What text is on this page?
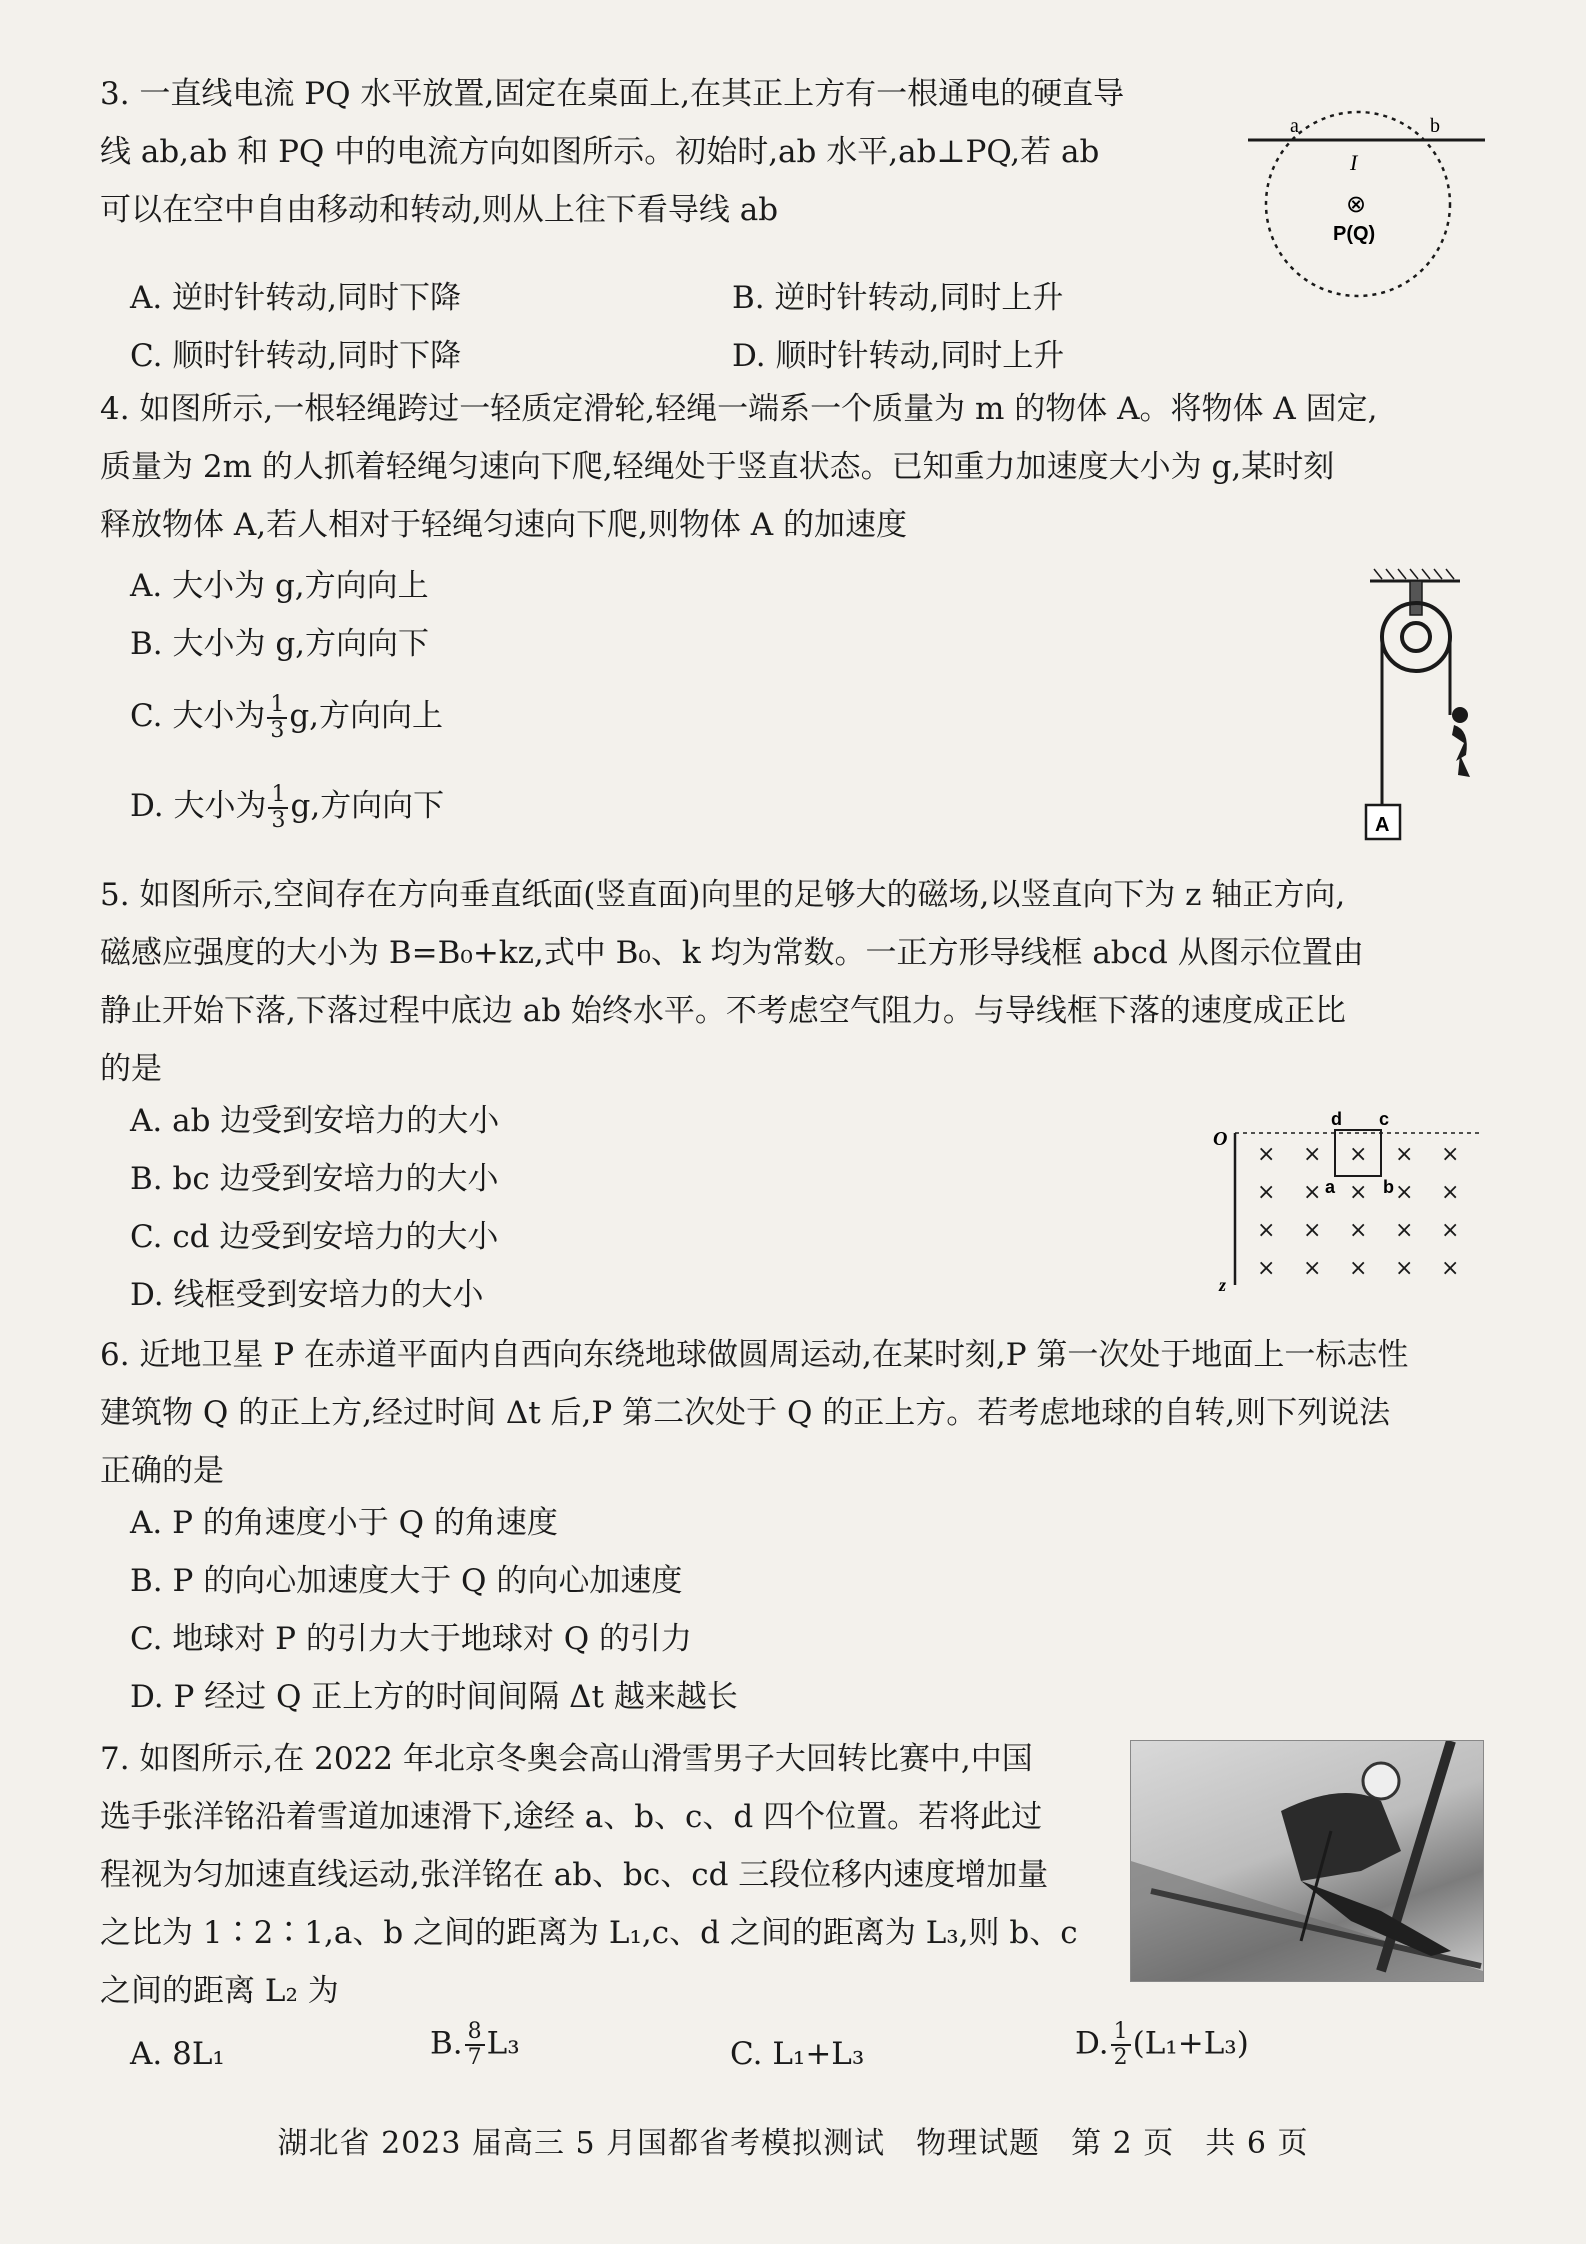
3. 一直线电流 PQ 水平放置,固定在桌面上,在其正上方有一根通电的硬直导
线 ab,ab 和 PQ 中的电流方向如图所示。初始时,ab 水平,ab⊥PQ,若 ab
可以在空中自由移动和转动,则从上往下看导线 ab
A. 逆时针转动,同时下降	B. 逆时针转动,同时上升
C. 顺时针转动,同时下降	D. 顺时针转动,同时上升
a	b
I
⊗
P(Q)
4. 如图所示,一根轻绳跨过一轻质定滑轮,轻绳一端系一个质量为 m 的物体 A。将物体 A 固定,
质量为 2m 的人抓着轻绳匀速向下爬,轻绳处于竖直状态。已知重力加速度大小为 g,某时刻
释放物体 A,若人相对于轻绳匀速向下爬,则物体 A 的加速度
A. 大小为 g,方向向上
B. 大小为 g,方向向下
C. 大小为 $\frac{1}{3} g$,方向向上
D. 大小为 $\frac{1}{3} g$,方向向下
A
5. 如图所示,空间存在方向垂直纸面(竖直面)向里的足够大的磁场,以竖直向下为 z 轴正方向,
磁感应强度的大小为 B=B₀+kz,式中 B₀、k 均为常数。一正方形导线框 abcd 从图示位置由
静止开始下落,下落过程中底边 ab 始终水平。不考虑空气阻力。与导线框下落的速度成正比
的是
A. ab 边受到安培力的大小
B. bc 边受到安培力的大小
C. cd 边受到安培力的大小
D. 线框受到安培力的大小
O
z
d c
a	b
× × × × ×
× × × × ×
× × × × ×
× × × × ×
6. 近地卫星 P 在赤道平面内自西向东绕地球做圆周运动,在某时刻,P 第一次处于地面上一标志性
建筑物 Q 的正上方,经过时间 Δt 后,P 第二次处于 Q 的正上方。若考虑地球的自转,则下列说法
正确的是
A. P 的角速度小于 Q 的角速度
B. P 的向心加速度大于 Q 的向心加速度
C. 地球对 P 的引力大于地球对 Q 的引力
D. P 经过 Q 正上方的时间间隔 Δt 越来越长
7. 如图所示,在 2022 年北京冬奥会高山滑雪男子大回转比赛中,中国
选手张洋铭沿着雪道加速滑下,途经 a、b、c、d 四个位置。若将此过
程视为匀加速直线运动,张洋铭在 ab、bc、cd 三段位移内速度增加量
之比为 1∶2∶1,a、b 之间的距离为 L₁,c、d 之间的距离为 L₃,则 b、c
之间的距离 L₂ 为
A. 8L₁	B. $\frac{8}{7} L_3$	C. L₁+L₃	D. $\frac{1}{2} (L_1+L_3)$
湖北省 2023 届高三 5 月国都省考模拟测试　物理试题　第 2 页　共 6 页
